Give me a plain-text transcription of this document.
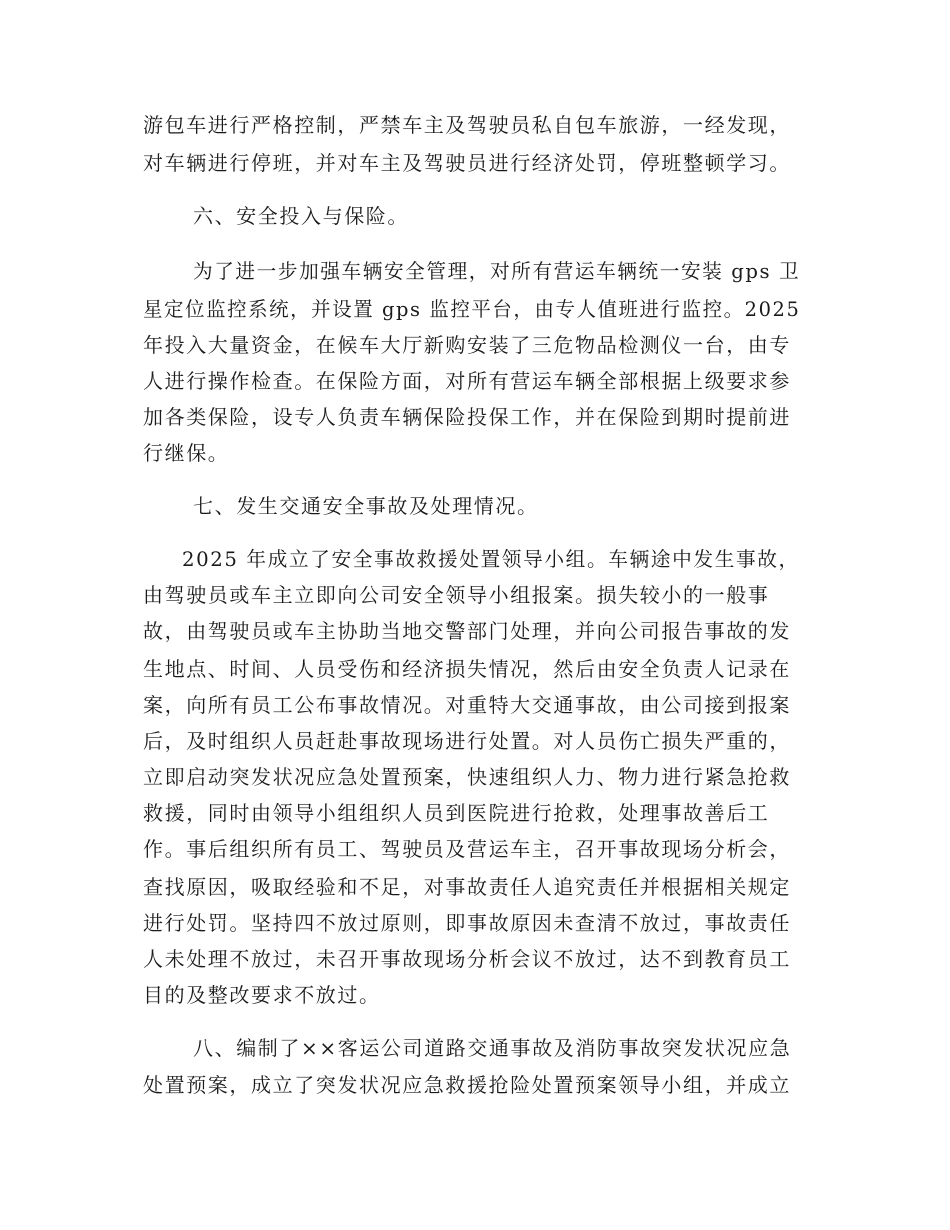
游包车进行严格控制，严禁车主及驾驶员私自包车旅游，一经发现，
对车辆进行停班，并对车主及驾驶员进行经济处罚，停班整顿学习。
六、安全投入与保险。
为了进一步加强车辆安全管理，对所有营运车辆统一安装 gps 卫
星定位监控系统，并设置 gps 监控平台，由专人值班进行监控。2025
年投入大量资金，在候车大厅新购安装了三危物品检测仪一台，由专
人进行操作检查。在保险方面，对所有营运车辆全部根据上级要求参
加各类保险，设专人负责车辆保险投保工作，并在保险到期时提前进
行继保。
七、发生交通安全事故及处理情况。
2025 年成立了安全事故救援处置领导小组。车辆途中发生事故，
由驾驶员或车主立即向公司安全领导小组报案。损失较小的一般事
故，由驾驶员或车主协助当地交警部门处理，并向公司报告事故的发
生地点、时间、人员受伤和经济损失情况，然后由安全负责人记录在
案，向所有员工公布事故情况。对重特大交通事故，由公司接到报案
后，及时组织人员赶赴事故现场进行处置。对人员伤亡损失严重的，
立即启动突发状况应急处置预案，快速组织人力、物力进行紧急抢救
救援，同时由领导小组组织人员到医院进行抢救，处理事故善后工
作。事后组织所有员工、驾驶员及营运车主，召开事故现场分析会，
查找原因，吸取经验和不足，对事故责任人追究责任并根据相关规定
进行处罚。坚持四不放过原则，即事故原因未查清不放过，事故责任
人未处理不放过，未召开事故现场分析会议不放过，达不到教育员工
目的及整改要求不放过。
八、编制了××客运公司道路交通事故及消防事故突发状况应急
处置预案，成立了突发状况应急救援抢险处置预案领导小组，并成立
